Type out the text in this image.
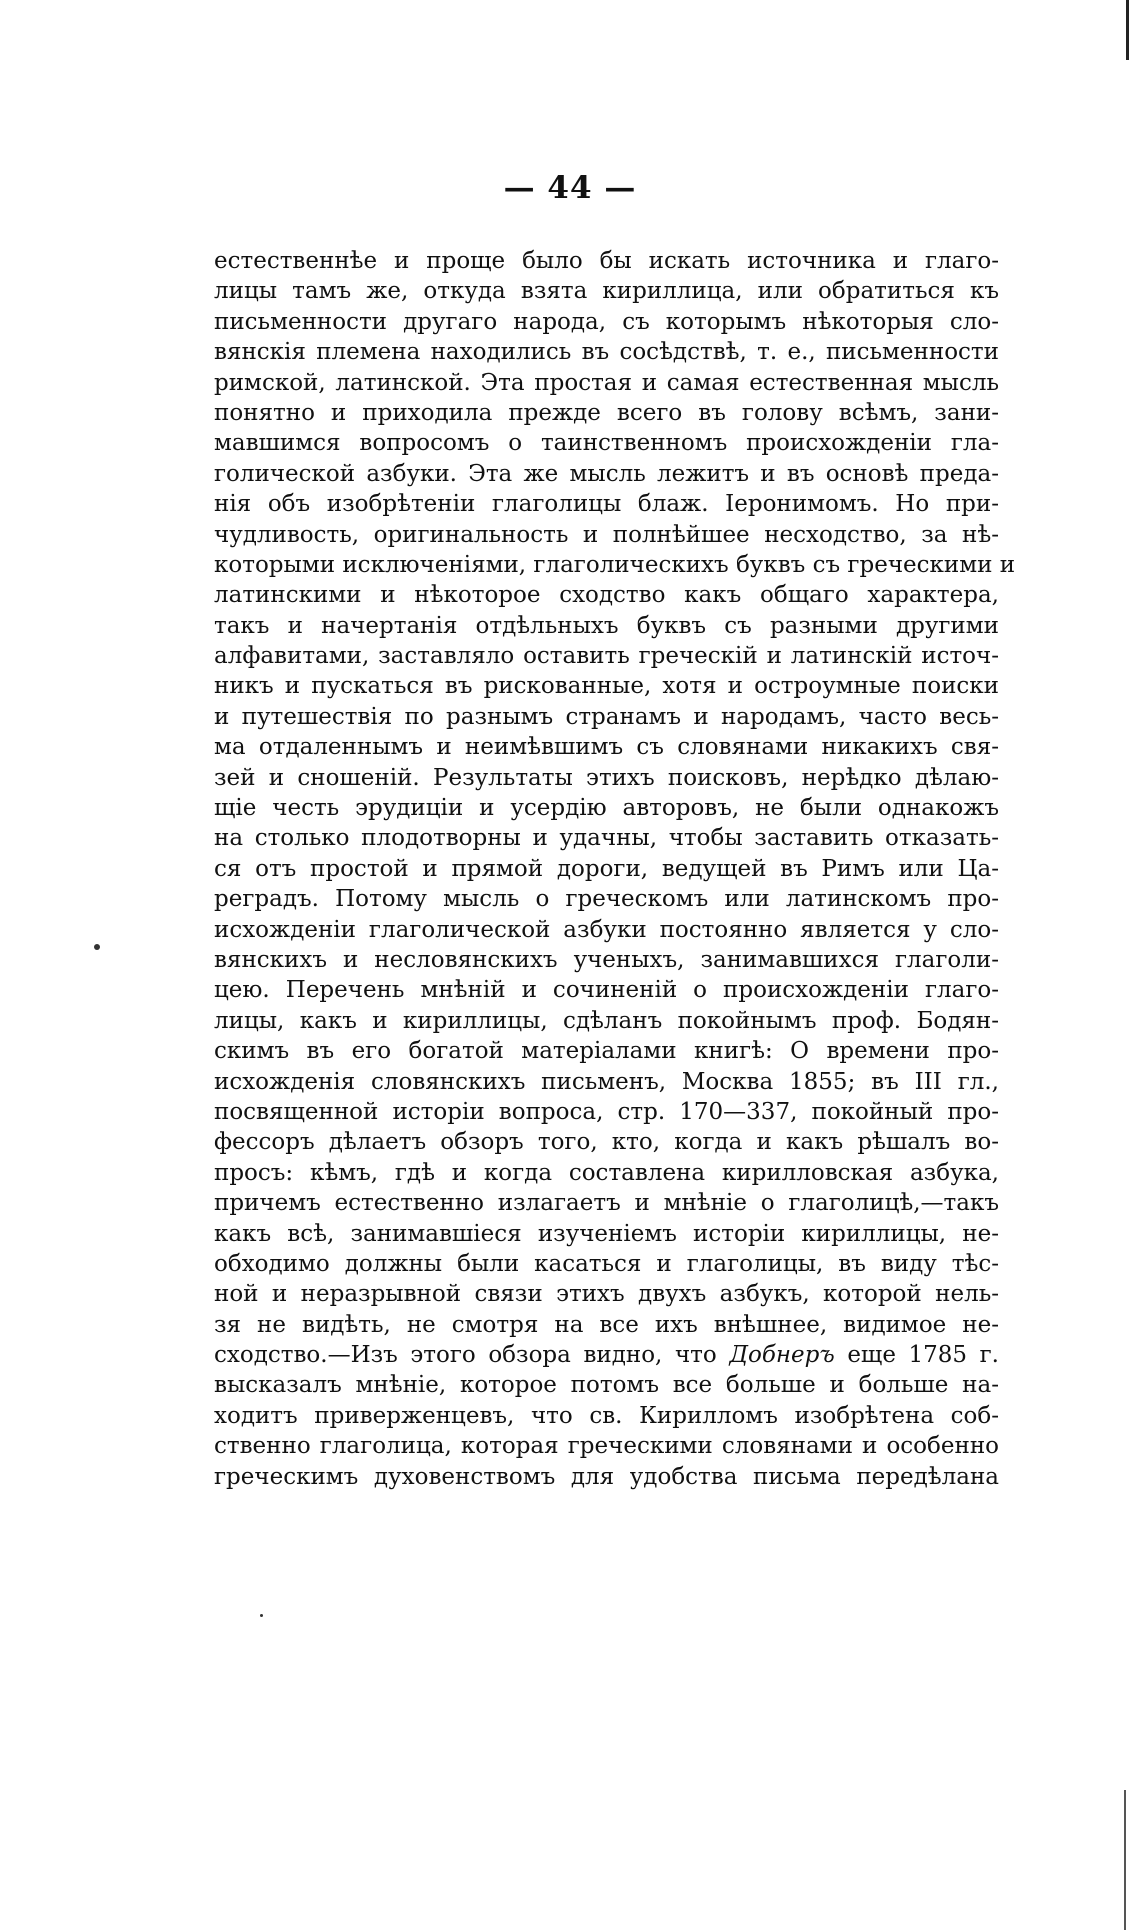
— 44 —
естественнѣе и проще было бы искать источника и глаго-
лицы тамъ же, откуда взята кириллица, или обратиться къ
письменности другаго народа, съ которымъ нѣкоторыя сло-
вянскія племена находились въ сосѣдствѣ, т. е., письменности
римской, латинской. Эта простая и самая естественная мысль
понятно и приходила прежде всего въ голову всѣмъ, зани-
мавшимся вопросомъ о таинственномъ происхожденіи гла-
голической азбуки. Эта же мысль лежитъ и въ основѣ преда-
нія объ изобрѣтеніи глаголицы блаж. Іеронимомъ. Но при-
чудливость, оригинальность и полнѣйшее несходство, за нѣ-
которыми исключеніями, глаголическихъ буквъ съ греческими и
латинскими и нѣкоторое сходство какъ общаго характера,
такъ и начертанія отдѣльныхъ буквъ съ разными другими
алфавитами, заставляло оставить греческій и латинскій источ-
никъ и пускаться въ рискованные, хотя и остроумные поиски
и путешествія по разнымъ странамъ и народамъ, часто весь-
ма отдаленнымъ и неимѣвшимъ съ словянами никакихъ свя-
зей и сношеній. Результаты этихъ поисковъ, нерѣдко дѣлаю-
щіе честь эрудиціи и усердію авторовъ, не были однакожъ
на столько плодотворны и удачны, чтобы заставить отказать-
ся отъ простой и прямой дороги, ведущей въ Римъ или Ца-
реградъ. Потому мысль о греческомъ или латинскомъ про-
исхожденіи глаголической азбуки постоянно является у сло-
вянскихъ и несловянскихъ ученыхъ, занимавшихся глаголи-
цею. Перечень мнѣній и сочиненій о происхожденіи глаго-
лицы, какъ и кириллицы, сдѣланъ покойнымъ проф. Бодян-
скимъ въ его богатой матеріалами книгѣ: О времени про-
исхожденія словянскихъ письменъ, Москва 1855; въ III гл.,
посвященной исторіи вопроса, стр. 170—337, покойный про-
фессоръ дѣлаетъ обзоръ того, кто, когда и какъ рѣшалъ во-
просъ: кѣмъ, гдѣ и когда составлена кирилловская азбука,
причемъ естественно излагаетъ и мнѣніе о глаголицѣ,—такъ
какъ всѣ, занимавшіеся изученіемъ исторіи кириллицы, не-
обходимо должны были касаться и глаголицы, въ виду тѣс-
ной и неразрывной связи этихъ двухъ азбукъ, которой нель-
зя не видѣть, не смотря на все ихъ внѣшнее, видимое не-
сходство.—Изъ этого обзора видно, что Добнеръ еще 1785 г.
высказалъ мнѣніе, которое потомъ все больше и больше на-
ходитъ приверженцевъ, что св. Кирилломъ изобрѣтена соб-
ственно глаголица, которая греческими словянами и особенно
греческимъ духовенствомъ для удобства письма передѣлана
